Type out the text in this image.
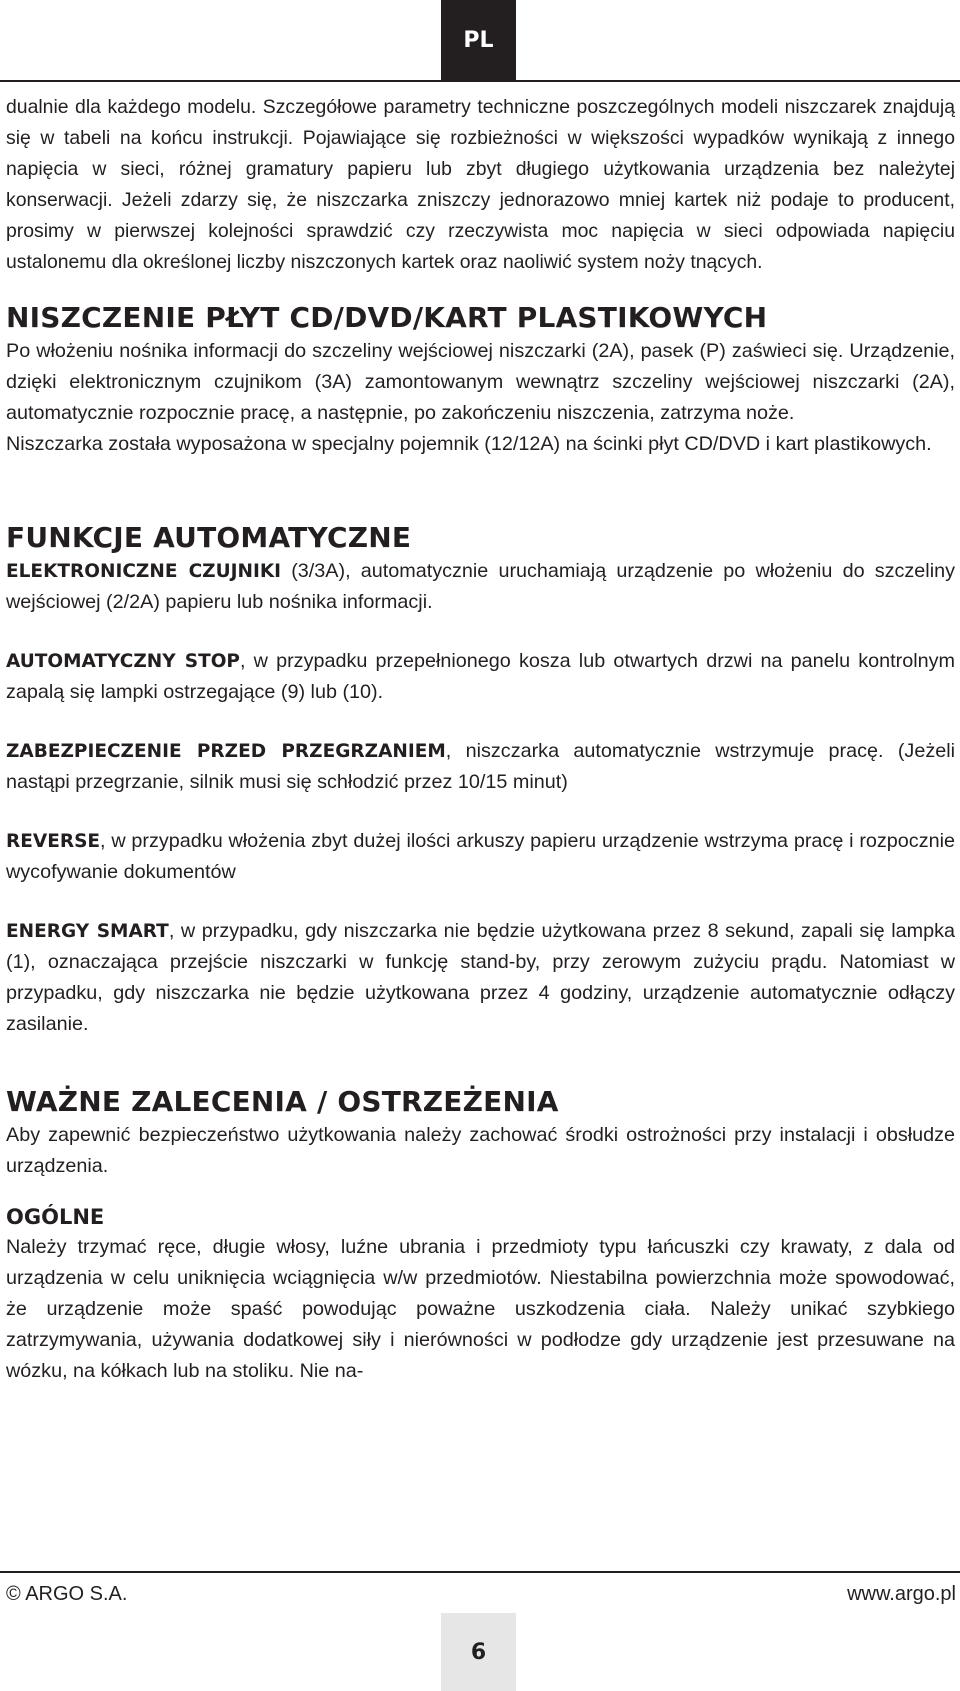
PL

dualnie dla każdego modelu. Szczegółowe parametry techniczne poszczególnych modeli niszczarek znajdują się w tabeli na końcu instrukcji. Pojawiające się rozbieżności w większości wypadków wynikają z innego napięcia w sieci, różnej gramatury papieru lub zbyt długiego użytkowania urządzenia bez należytej konserwacji. Jeżeli zdarzy się, że niszczarka zniszczy jednorazowo mniej kartek niż podaje to producent, prosimy w pierwszej kolejności sprawdzić czy rzeczywista moc napięcia w sieci odpowiada napięciu ustalonemu dla określonej liczby niszczonych kartek oraz naoliwić system noży tnących.

NISZCZENIE PŁYT CD/DVD/KART PLASTIKOWYCH

Po włożeniu nośnika informacji do szczeliny wejściowej niszczarki (2A), pasek (P) zaświeci się. Urządzenie, dzięki elektronicznym czujnikom (3A) zamontowanym wewnątrz szczeliny wejściowej niszczarki (2A), automatycznie rozpocznie pracę, a następnie, po zakończeniu niszczenia, zatrzyma noże.

Niszczarka została wyposażona w specjalny pojemnik (12/12A) na ścinki płyt CD/DVD i kart plastikowych.

FUNKCJE AUTOMATYCZNE

ELEKTRONICZNE CZUJNIKI (3/3A), automatycznie uruchamiają urządzenie po włożeniu do szczeliny wejściowej (2/2A) papieru lub nośnika informacji.

AUTOMATYCZNY STOP, w przypadku przepełnionego kosza lub otwartych drzwi na panelu kontrolnym zapalą się lampki ostrzegające (9) lub (10).

ZABEZPIECZENIE PRZED PRZEGRZANIEM, niszczarka automatycznie wstrzymuje pracę. (Jeżeli nastąpi przegrzanie, silnik musi się schłodzić przez 10/15 minut)

REVERSE, w przypadku włożenia zbyt dużej ilości arkuszy papieru urządzenie wstrzyma pracę i rozpocznie wycofywanie dokumentów

ENERGY SMART, w przypadku, gdy niszczarka nie będzie użytkowana przez 8 sekund, zapali się lampka (1), oznaczająca przejście niszczarki w funkcję stand-by, przy zerowym zużyciu prądu. Natomiast w przypadku, gdy niszczarka nie będzie użytkowana przez 4 godziny, urządzenie automatycznie odłączy zasilanie.

WAŻNE ZALECENIA / OSTRZEŻENIA

Aby zapewnić bezpieczeństwo użytkowania należy zachować środki ostrożności przy instalacji i obsłudze urządzenia.

OGÓLNE

Należy trzymać ręce, długie włosy, luźne ubrania i przedmioty typu łańcuszki czy krawaty, z dala od urządzenia w celu uniknięcia wciągnięcia w/w przedmiotów. Niestabilna powierzchnia może spowodować, że urządzenie może spaść powodując poważne uszkodzenia ciała. Należy unikać szybkiego zatrzymywania, używania dodatkowej siły i nierówności w podłodze gdy urządzenie jest przesuwane na wózku, na kółkach lub na stoliku. Nie na-

© ARGO S.A.	www.argo.pl
6
